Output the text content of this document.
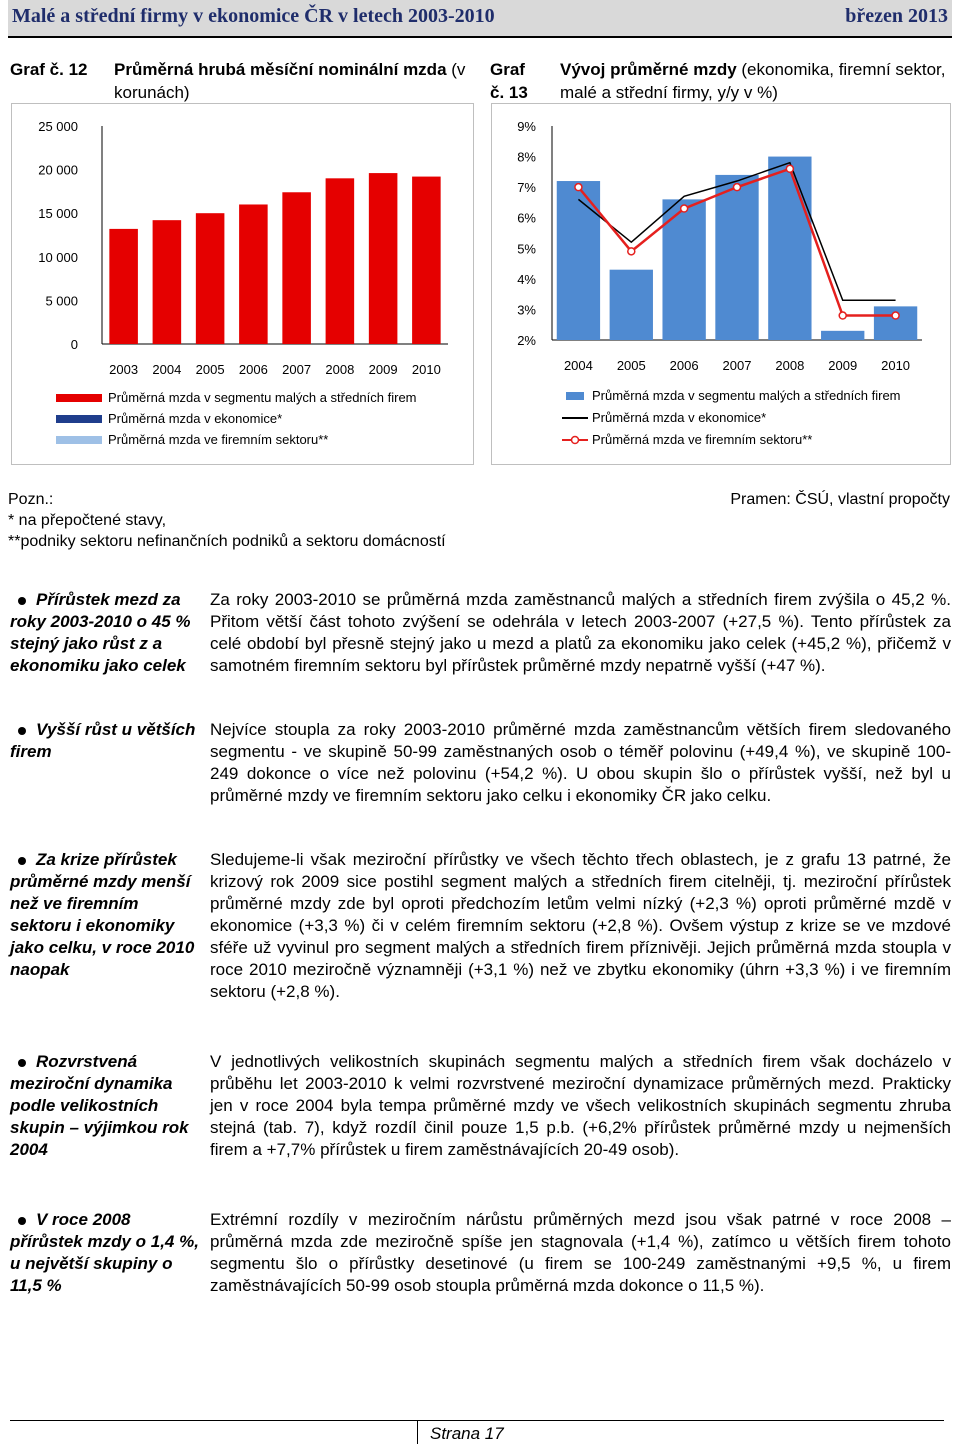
Malé a střední firmy v ekonomice ČR v letech 2003-2010	březen 2013
Graf č. 12	Průměrná hrubá měsíční nominální mzda (v korunách)
Graf
č. 13
Vývoj průměrné mzdy (ekonomika, firemní sektor, malé a střední firmy, y/y v %)
0
5 000
10 000
15 000
20 000
25 000
2003 2004 2005 2006 2007 2008 2009 2010
Průměrná mzda v segmentu malých a středních firem
Průměrná mzda v ekonomice*
Průměrná mzda ve firemním sektoru**
2%
3%
4%
5%
6%
7%
8%
9%
2004 2005 2006 2007 2008 2009 2010
Průměrná mzda v segmentu malých a středních firem
Průměrná mzda v ekonomice*
Průměrná mzda ve firemním sektoru**
Pozn.:
* na přepočtené stavy,
**podniky sektoru nefinančních podniků a sektoru domácností
Pramen: ČSÚ, vlastní propočty
Přírůstek mezd za roky 2003-2010 o 45 % stejný jako růst z a ekonomiku jako celek
Za roky 2003-2010 se průměrná mzda zaměstnanců malých a středních firem zvýšila o 45,2 %. Přitom větší část tohoto zvýšení se odehrála v letech 2003-2007 (+27,5 %). Tento přírůstek za celé období byl přesně stejný jako u mezd a platů za ekonomiku jako celek (+45,2 %), přičemž v samotném firemním sektoru byl přírůstek průměrné mzdy nepatrně vyšší (+47 %).
Vyšší růst u větších firem
Nejvíce stoupla za roky 2003-2010 průměrné mzda zaměstnancům větších firem sledovaného segmentu - ve skupině 50-99 zaměstnaných osob o téměř polovinu (+49,4 %), ve skupině 100-249 dokonce o více než polovinu (+54,2 %). U obou skupin šlo o přírůstek vyšší, než byl u průměrné mzdy ve firemním sektoru jako celku i ekonomiky ČR jako celku.
Za krize přírůstek průměrné mzdy menší než ve firemním sektoru i ekonomiky jako celku, v roce 2010 naopak
Sledujeme-li však meziroční přírůstky ve všech těchto třech oblastech, je z grafu 13 patrné, že krizový rok 2009 sice postihl segment malých a středních firem citelněji, tj. meziroční přírůstek průměrné mzdy zde byl oproti předchozím letům velmi nízký (+2,3 %) oproti průměrné mzdě v ekonomice (+3,3 %) či v celém firemním sektoru (+2,8 %). Ovšem výstup z krize se ve mzdové sféře už vyvinul pro segment malých a středních firem příznivěji. Jejich průměrná mzda stoupla v roce 2010 meziročně významněji (+3,1 %) než ve zbytku ekonomiky (úhrn +3,3 %) i ve firemním sektoru (+2,8 %).
Rozvrstvená meziroční dynamika podle velikostních skupin – výjimkou rok 2004
V jednotlivých velikostních skupinách segmentu malých a středních firem však docházelo v průběhu let 2003-2010 k velmi rozvrstvené meziroční dynamizace průměrných mezd. Prakticky jen v roce 2004 byla tempa průměrné mzdy ve všech velikostních skupinách segmentu zhruba stejná (tab. 7), když rozdíl činil pouze 1,5 p.b. (+6,2% přírůstek průměrné mzdy u nejmenších firem a +7,7% přírůstek u firem zaměstnávajících 20-49 osob).
V roce 2008 přírůstek mzdy o 1,4 %, u největší skupiny o 11,5 %
Extrémní rozdíly v meziročním nárůstu průměrných mezd jsou však patrné v roce 2008 – průměrná mzda zde meziročně spíše jen stagnovala (+1,4 %), zatímco u větších firem tohoto segmentu šlo o přírůstky desetinové (u firem se 100-249 zaměstnanými +9,5 %, u firem zaměstnávajících 50-99 osob stoupla průměrná mzda dokonce o 11,5 %).
Strana 17
